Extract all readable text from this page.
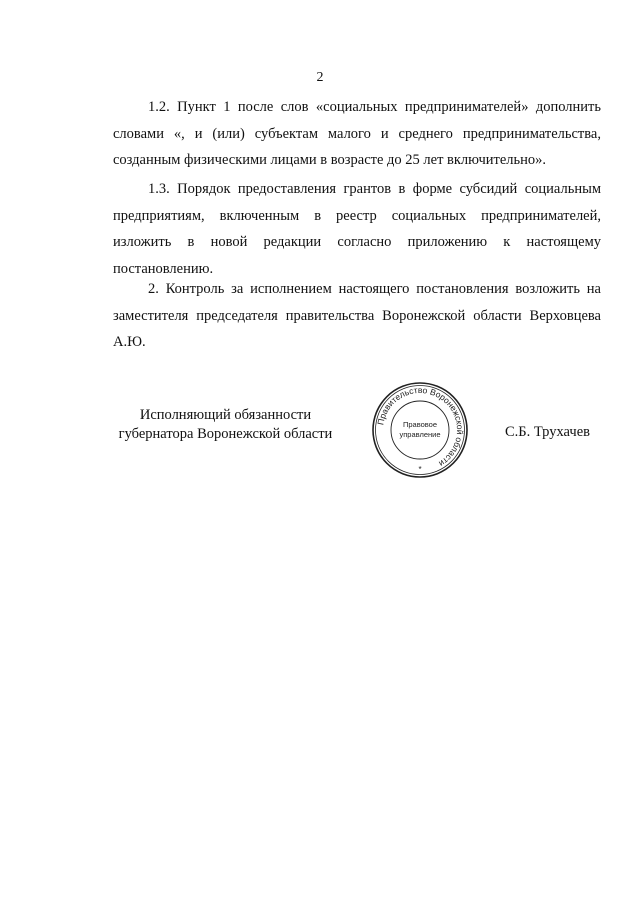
2
1.2. Пункт 1 после слов «социальных предпринимателей» дополнить словами «, и (или) субъектам малого и среднего предпринимательства, созданным физическими лицами в возрасте до 25 лет включительно».
1.3. Порядок предоставления грантов в форме субсидий социальным предприятиям, включенным в реестр социальных предпринимателей, изложить в новой редакции согласно приложению к настоящему постановлению.
2. Контроль за исполнением настоящего постановления возложить на заместителя председателя правительства Воронежской области Верховцева А.Ю.
Исполняющий обязанности
губернатора Воронежской области
Правительство Воронежской области
Правовое
управление
*
С.Б. Трухачев
